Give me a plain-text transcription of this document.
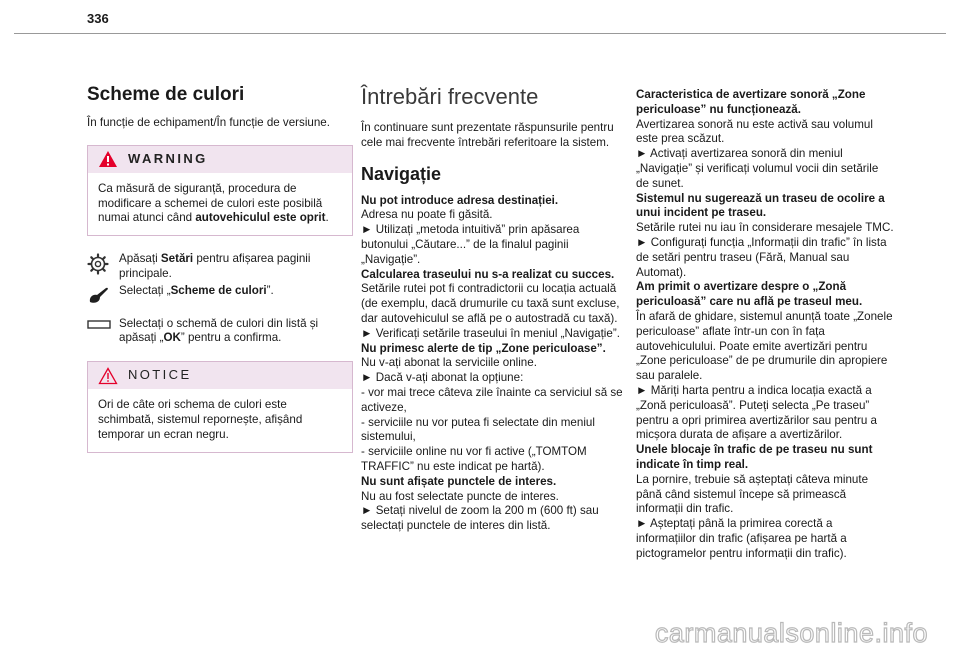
336
Scheme de culori

În funcție de echipament/În funcție de versiune.

WARNING
Ca măsură de siguranță, procedura de modificare a schemei de culori este posibilă numai atunci când autovehiculul este oprit.
Apăsați Setări pentru afișarea paginii principale.
Selectați „Scheme de culori”.
Selectați o schemă de culori din listă și apăsați „OK” pentru a confirma.
NOTICE
Ori de câte ori schema de culori este schimbată, sistemul repornește, afișând temporar un ecran negru.
Întrebări frecvente

În continuare sunt prezentate răspunsurile pentru cele mai frecvente întrebări referitoare la sistem.

Navigație

Nu pot introduce adresa destinației.

Adresa nu poate fi găsită.

► Utilizați „metoda intuitivă” prin apăsarea butonului „Căutare...” de la finalul paginii „Navigație”.

Calcularea traseului nu s-a realizat cu succes.

Setările rutei pot fi contradictorii cu locația actuală (de exemplu, dacă drumurile cu taxă sunt excluse, dar autovehiculul se află pe o autostradă cu taxă).

► Verificați setările traseului în meniul „Navigație”.

Nu primesc alerte de tip „Zone periculoase”.

Nu v-ați abonat la serviciile online.

► Dacă v-ați abonat la opțiune:

- vor mai trece câteva zile înainte ca serviciul să se activeze,

- serviciile nu vor putea fi selectate din meniul sistemului,

- serviciile online nu vor fi active („TOMTOM TRAFFIC” nu este indicat pe hartă).

Nu sunt afișate punctele de interes.

Nu au fost selectate puncte de interes.

► Setați nivelul de zoom la 200 m (600 ft) sau selectați punctele de interes din listă.

Caracteristica de avertizare sonoră „Zone periculoase” nu funcționează.

Avertizarea sonoră nu este activă sau volumul este prea scăzut.

► Activați avertizarea sonoră din meniul „Navigație” și verificați volumul vocii din setările de sunet.

Sistemul nu sugerează un traseu de ocolire a unui incident pe traseu.

Setările rutei nu iau în considerare mesajele TMC.

► Configurați funcția „Informații din trafic” în lista de setări pentru traseu (Fără, Manual sau Automat).

Am primit o avertizare despre o „Zonă periculoasă” care nu află pe traseul meu.

În afară de ghidare, sistemul anunță toate „Zonele periculoase” aflate într-un con în fața autovehiculului. Poate emite avertizări pentru „Zone periculoase” de pe drumurile din apropiere sau paralele.

► Măriți harta pentru a indica locația exactă a „Zonă periculoasă”. Puteți selecta „Pe traseu” pentru a opri primirea avertizărilor sau pentru a micșora durata de afișare a avertizărilor.

Unele blocaje în trafic de pe traseu nu sunt indicate în timp real.

La pornire, trebuie să așteptați câteva minute până când sistemul începe să primească informații din trafic.

► Așteptați până la primirea corectă a informațiilor din trafic (afișarea pe hartă a pictogramelor pentru informații din trafic).

carmanualsonline.info
